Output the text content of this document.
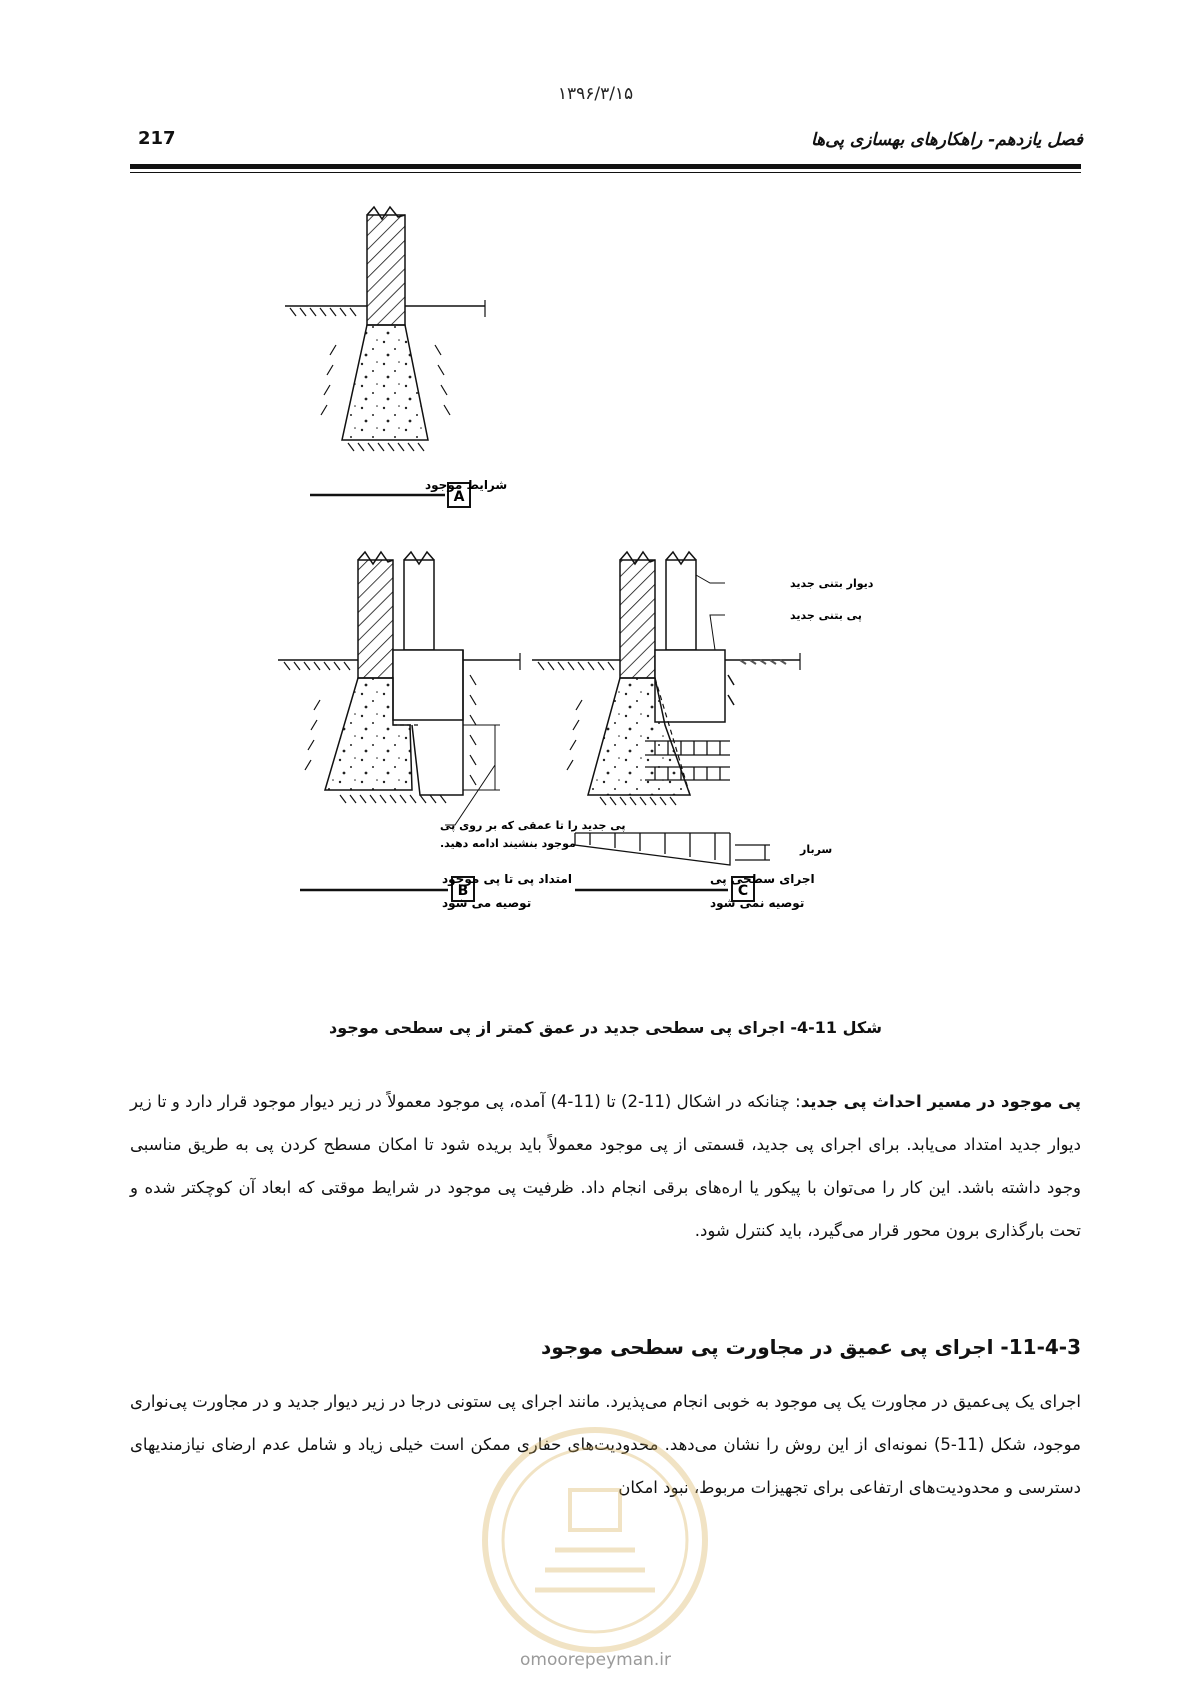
۱۳۹۶/۳/۱۵
فصل یازدهم- راهکارهای بهسازی پی‌ها
217
A
شرایط موجود
پی جدید را تا عمقی که بر روی پی
موجود بنشیند ادامه دهید.
B
امتداد پی تا پی موجود
توصیه می شود
سربار
دیوار بتنی جدید
پی بتنی جدید
C
اجرای سطحی پی
توصیه نمی شود
شکل 11-4- اجرای پی سطحی جدید در عمق کمتر از پی سطحی موجود
پی موجود در مسیر احداث پی جدید: چنانکه در اشکال (11-2) تا (11-4) آمده، پی موجود معمولاً در زیر دیوار موجود قرار دارد و تا زیر دیوار جدید امتداد می‌یابد. برای اجرای پی جدید، قسمتی از پی موجود معمولاً باید بریده شود تا امکان مسطح کردن پی به طریق مناسبی وجود داشته باشد. این کار را می‌توان با پیکور یا اره‌های برقی انجام داد. ظرفیت پی موجود در شرایط موقتی که ابعاد آن کوچکتر شده و تحت بارگذاری برون محور قرار می‌گیرد، باید کنترل شود.
11-4-3- اجرای پی عمیق در مجاورت پی سطحی موجود
اجرای یک پی‌عمیق در مجاورت یک پی موجود به خوبی انجام می‌پذیرد. مانند اجرای پی ستونی درجا در زیر دیوار جدید و در مجاورت پی‌نواری موجود، شکل (11-5) نمونه‌ای از این روش را نشان می‌دهد. محدودیت‌های حفاری ممکن است خیلی زیاد و شامل عدم ارضای نیازمندیهای دسترسی و محدودیت‌های ارتفاعی برای تجهیزات مربوط، نبود امکان
omoorepeyman.ir
